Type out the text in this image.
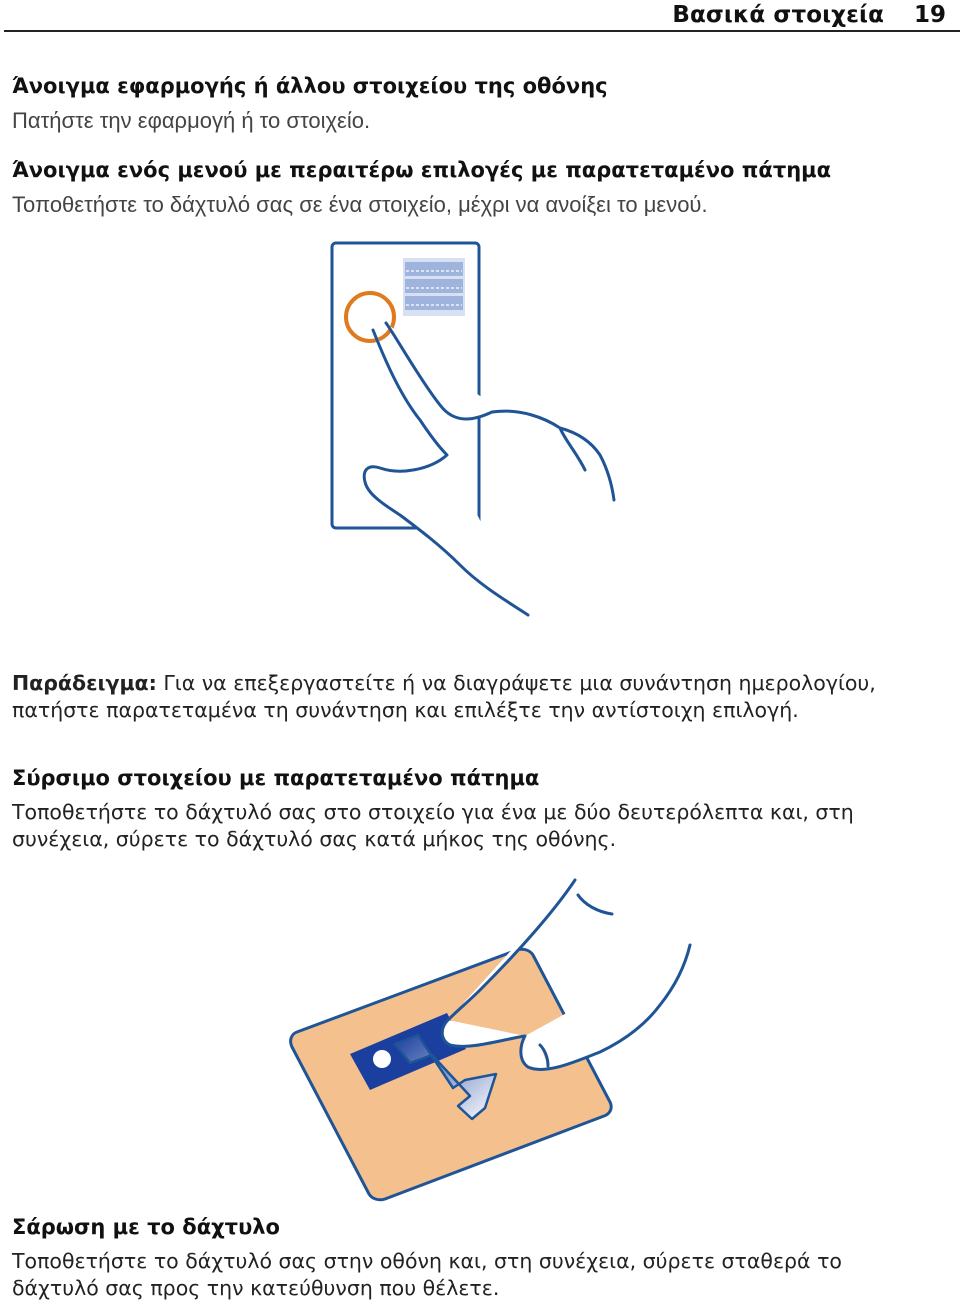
Βασικά στοιχεία 19
Άνοιγμα εφαρμογής ή άλλου στοιχείου της οθόνης
Πατήστε την εφαρμογή ή το στοιχείο.
Άνοιγμα ενός μενού με περαιτέρω επιλογές με παρατεταμένο πάτημα
Τοποθετήστε το δάχτυλό σας σε ένα στοιχείο, μέχρι να ανοίξει το μενού.
Παράδειγμα: Για να επεξεργαστείτε ή να διαγράψετε μια συνάντηση ημερολογίου,
πατήστε παρατεταμένα τη συνάντηση και επιλέξτε την αντίστοιχη επιλογή.
Σύρσιμο στοιχείου με παρατεταμένο πάτημα
Τοποθετήστε το δάχτυλό σας στο στοιχείο για ένα με δύο δευτερόλεπτα και, στη
συνέχεια, σύρετε το δάχτυλό σας κατά μήκος της οθόνης.
Σάρωση με το δάχτυλο
Τοποθετήστε το δάχτυλό σας στην οθόνη και, στη συνέχεια, σύρετε σταθερά το
δάχτυλό σας προς την κατεύθυνση που θέλετε.
